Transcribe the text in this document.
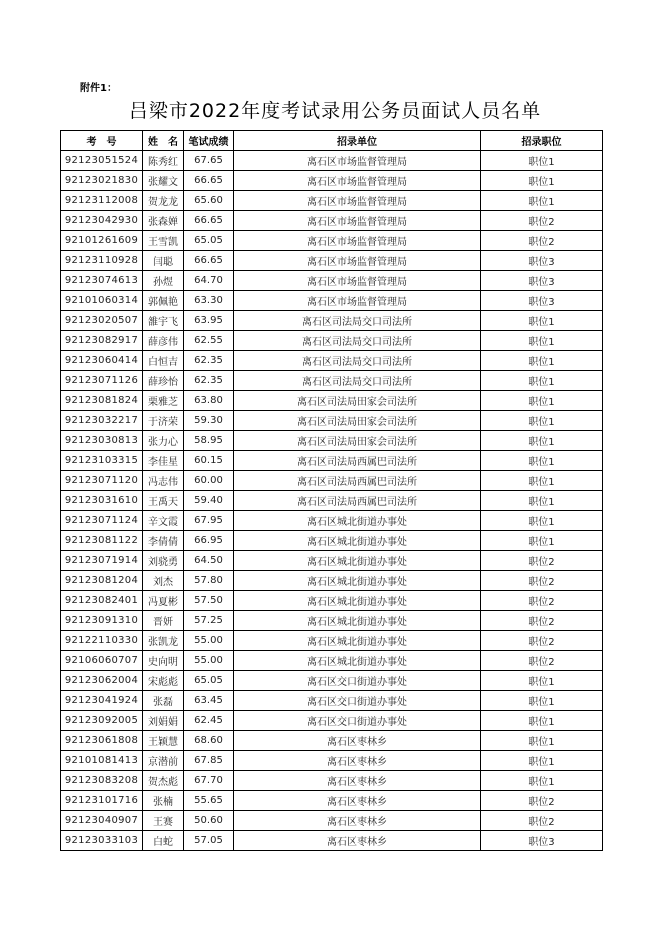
附件1：
吕梁市2022年度考试录用公务员面试人员名单
考　号	姓　名	笔试成绩	招录单位	招录职位
92123051524	陈秀红	67.65	离石区市场监督管理局	职位1
92123021830	张耀文	66.65	离石区市场监督管理局	职位1
92123112008	贺龙龙	65.60	离石区市场监督管理局	职位1
92123042930	张森婵	66.65	离石区市场监督管理局	职位2
92101261609	王雪凯	65.05	离石区市场监督管理局	职位2
92123110928	闫聪	66.65	离石区市场监督管理局	职位3
92123074613	孙煜	64.70	离石区市场监督管理局	职位3
92101060314	郭佩艳	63.30	离石区市场监督管理局	职位3
92123020507	雒宇飞	63.95	离石区司法局交口司法所	职位1
92123082917	薛彦伟	62.55	离石区司法局交口司法所	职位1
92123060414	白恒吉	62.35	离石区司法局交口司法所	职位1
92123071126	薛珍怡	62.35	离石区司法局交口司法所	职位1
92123081824	栗雅芝	63.80	离石区司法局田家会司法所	职位1
92123032217	于济荣	59.30	离石区司法局田家会司法所	职位1
92123030813	张力心	58.95	离石区司法局田家会司法所	职位1
92123103315	李佳星	60.15	离石区司法局西属巴司法所	职位1
92123071120	冯志伟	60.00	离石区司法局西属巴司法所	职位1
92123031610	王禹天	59.40	离石区司法局西属巴司法所	职位1
92123071124	辛文霞	67.95	离石区城北街道办事处	职位1
92123081122	李倩倩	66.95	离石区城北街道办事处	职位1
92123071914	刘骁勇	64.50	离石区城北街道办事处	职位2
92123081204	刘杰	57.80	离石区城北街道办事处	职位2
92123082401	冯夏彬	57.50	离石区城北街道办事处	职位2
92123091310	晋妍	57.25	离石区城北街道办事处	职位2
92122110330	张凯龙	55.00	离石区城北街道办事处	职位2
92106060707	史向明	55.00	离石区城北街道办事处	职位2
92123062004	宋彪彪	65.05	离石区交口街道办事处	职位1
92123041924	张磊	63.45	离石区交口街道办事处	职位1
92123092005	刘娟娟	62.45	离石区交口街道办事处	职位1
92123061808	王颖慧	68.60	离石区枣林乡	职位1
92101081413	京潜前	67.85	离石区枣林乡	职位1
92123083208	贺杰彪	67.70	离石区枣林乡	职位1
92123101716	张楠	55.65	离石区枣林乡	职位2
92123040907	王赛	50.60	离石区枣林乡	职位2
92123033103	白蛇	57.05	离石区枣林乡	职位3
